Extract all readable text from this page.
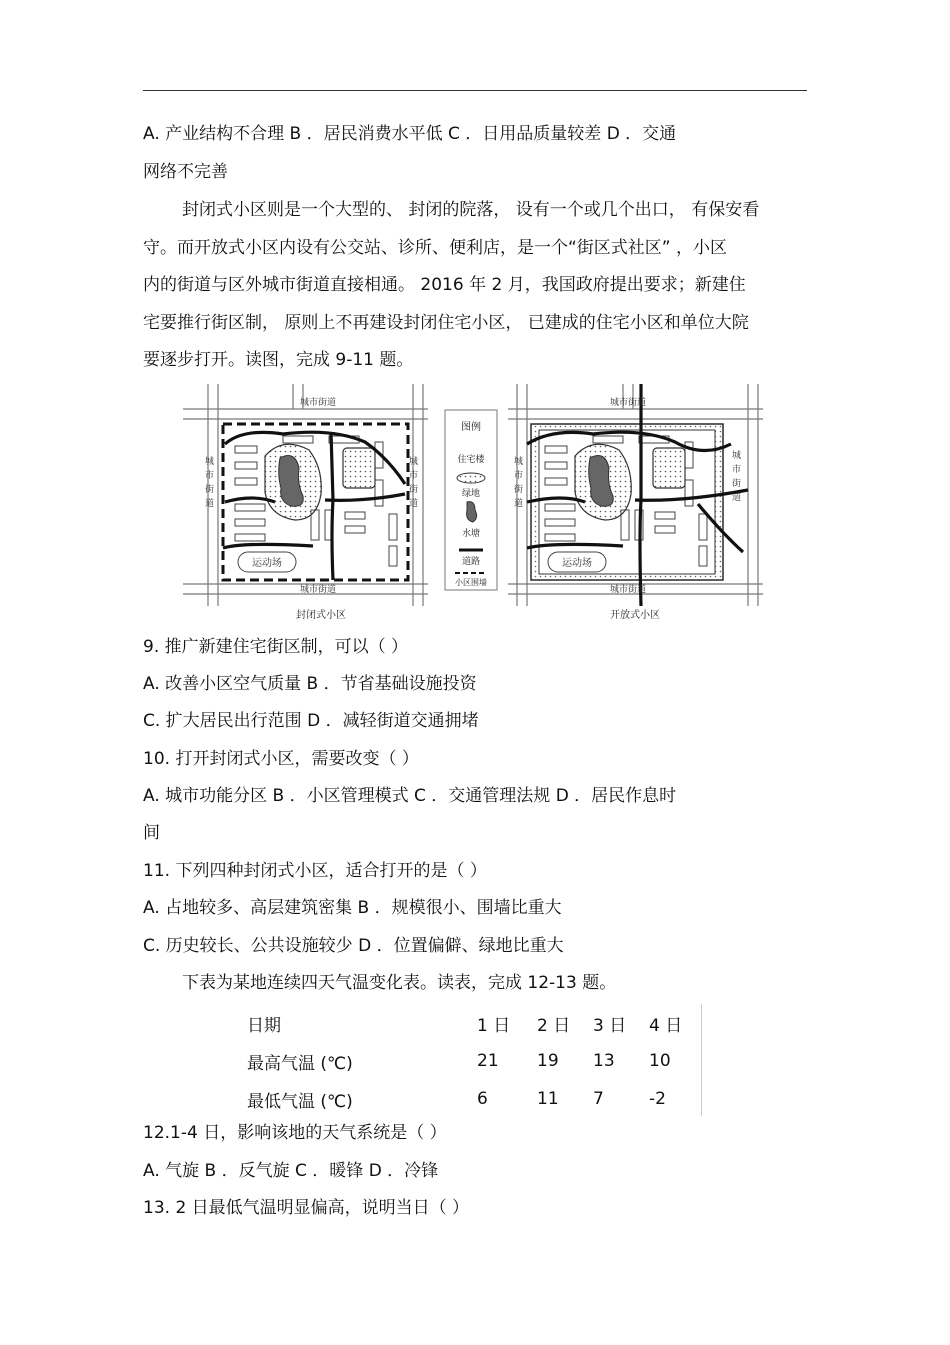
A. 产业结构不合理 B ．居民消费水平低 C ．日用品质量较差 D ．交通
网络不完善
封闭式小区则是一个大型的、 封闭的院落， 设有一个或几个出口， 有保安看
守。而开放式小区内设有公交站、诊所、便利店，是一个“街区式社区” ，小区
内的街道与区外城市街道直接相通。 2016 年 2 月，我国政府提出要求；新建住
宅要推行街区制， 原则上不再建设封闭住宅小区， 已建成的住宅小区和单位大院
要逐步打开。读图，完成 9-11 题。
运动场
城市街道
城市街道
城
市
街
道
城
市
街
道
封闭式小区
图例
住宅楼
绿地
水塘
道路
小区围墙
运动场
城市街道
城市街道
城
市
街
道
城
市
街
道
开放式小区
9. 推广新建住宅街区制，可以（ ）
A. 改善小区空气质量 B ．节省基础设施投资
C. 扩大居民出行范围 D ．减轻街道交通拥堵
10. 打开封闭式小区，需要改变（ ）
A. 城市功能分区 B ．小区管理模式 C ．交通管理法规 D ．居民作息时
间
11. 下列四种封闭式小区，适合打开的是（ ）
A. 占地较多、高层建筑密集 B ．规模很小、围墙比重大
C. 历史较长、公共设施较少 D ．位置偏僻、绿地比重大
下表为某地连续四天气温变化表。读表，完成 12-13 题。
日期	1 日	2 日	3 日	4 日
最高气温 (℃)	21	19	13	10
最低气温 (℃)	6	11	7	-2
12.1-4 日，影响该地的天气系统是（ ）
A. 气旋 B ．反气旋 C ．暖锋 D ．冷锋
13. 2 日最低气温明显偏高，说明当日（ ）
